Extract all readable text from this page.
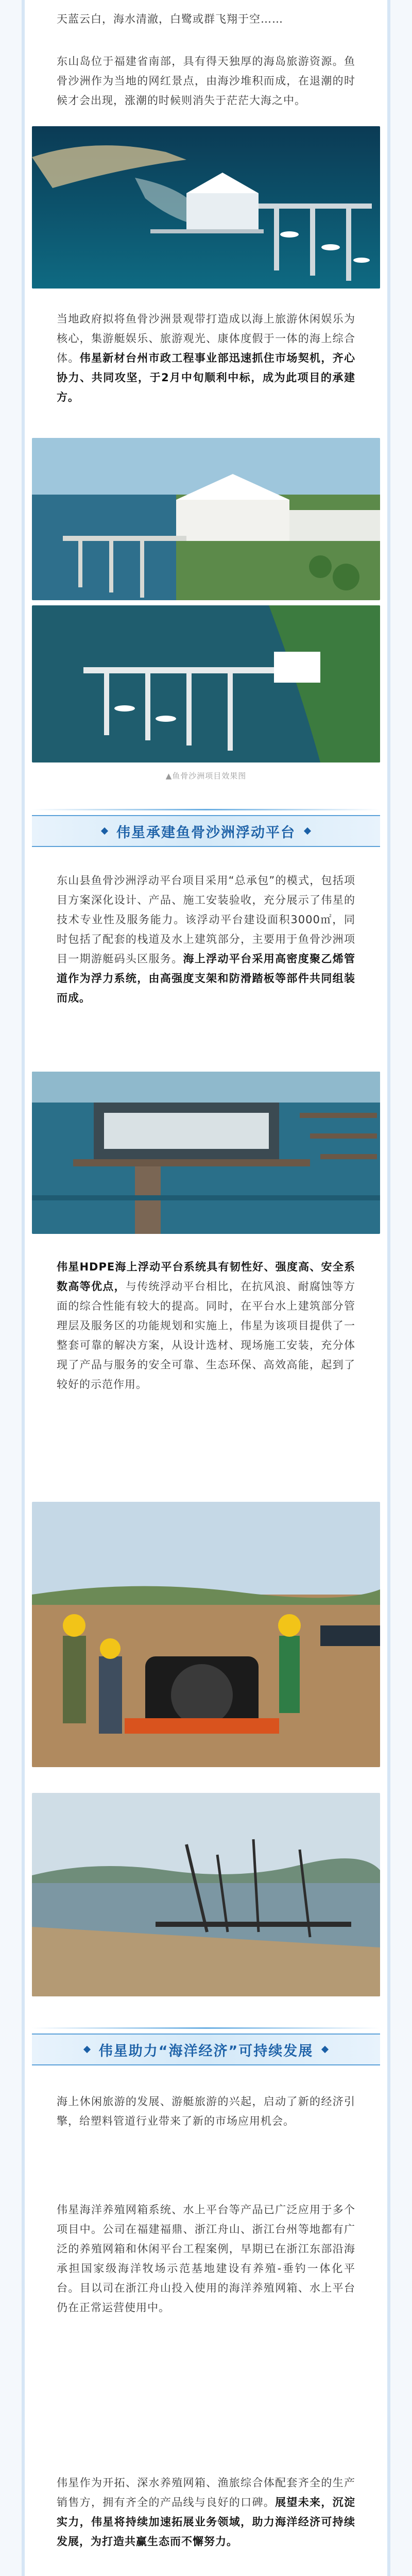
天蓝云白，海水清澈，白鹭或群飞翔于空……

东山岛位于福建省南部，具有得天独厚的海岛旅游资源。鱼骨沙洲作为当地的网红景点，由海沙堆积而成，在退潮的时候才会出现，涨潮的时候则消失于茫茫大海之中。

当地政府拟将鱼骨沙洲景观带打造成以海上旅游休闲娱乐为核心，集游艇娱乐、旅游观光、康体度假于一体的海上综合体。伟星新材台州市政工程事业部迅速抓住市场契机，齐心协力、共同攻坚，于2月中旬顺利中标，成为此项目的承建方。

▲鱼骨沙洲项目效果图
伟星承建鱼骨沙洲浮动平台

东山县鱼骨沙洲浮动平台项目采用“总承包”的模式，包括项目方案深化设计、产品、施工安装验收，充分展示了伟星的技术专业性及服务能力。该浮动平台建设面积3000㎡，同时包括了配套的栈道及水上建筑部分，主要用于鱼骨沙洲项目一期游艇码头区服务。海上浮动平台采用高密度聚乙烯管道作为浮力系统，由高强度支架和防滑踏板等部件共同组装而成。

伟星HDPE海上浮动平台系统具有韧性好、强度高、安全系数高等优点，与传统浮动平台相比，在抗风浪、耐腐蚀等方面的综合性能有较大的提高。同时，在平台水上建筑部分管理层及服务区的功能规划和实施上，伟星为该项目提供了一整套可靠的解决方案，从设计选材、现场施工安装，充分体现了产品与服务的安全可靠、生态环保、高效高能，起到了较好的示范作用。

伟星助力“海洋经济”可持续发展

海上休闲旅游的发展、游艇旅游的兴起，启动了新的经济引擎，给塑料管道行业带来了新的市场应用机会。

伟星海洋养殖网箱系统、水上平台等产品已广泛应用于多个项目中。公司在福建福鼎、浙江舟山、浙江台州等地都有广泛的养殖网箱和休闲平台工程案例，早期已在浙江东部沿海承担国家级海洋牧场示范基地建设有养殖-垂钓一体化平台。目以司在浙江舟山投入使用的海洋养殖网箱、水上平台仍在正常运营使用中。

伟星作为开拓、深水养殖网箱、渔旅综合体配套齐全的生产销售方，拥有齐全的产品线与良好的口碑。展望未来，沉淀实力，伟星将持续加速拓展业务领域，助力海洋经济可持续发展，为打造共赢生态而不懈努力。
